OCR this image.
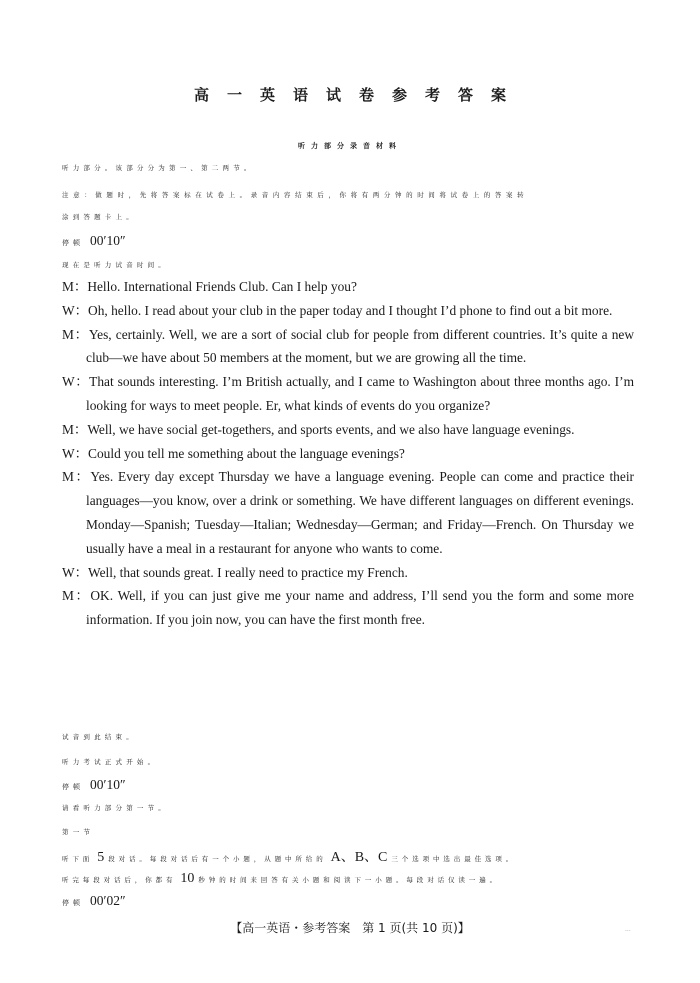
高一英语试卷参考答案
听力部分录音材料
听力部分。该部分分为第一、第二两节。
注意：做题时，先将答案标在试卷上。录音内容结束后，你将有两分钟的时间将试卷上的答案转
涂到答题卡上。
停顿 00′10″
现在是听力试音时间。

M：Hello. International Friends Club. Can I help you?

W：Oh, hello. I read about your club in the paper today and I thought I’d phone to find out a bit more.

M：Yes, certainly. Well, we are a sort of social club for people from different countries. It’s quite a new club—we have about 50 members at the moment, but we are growing all the time.

W：That sounds interesting. I’m British actually, and I came to Washington about three months ago. I’m looking for ways to meet people. Er, what kinds of events do you organize?

M：Well, we have social get-togethers, and sports events, and we also have language evenings.

W：Could you tell me something about the language evenings?

M：Yes. Every day except Thursday we have a language evening. People can come and practice their languages—you know, over a drink or something. We have different languages on different evenings. Monday—Spanish; Tuesday—Italian; Wednesday—German; and Friday—French. On Thursday we usually have a meal in a restaurant for anyone who wants to come.

W：Well, that sounds great. I really need to practice my French.

M：OK. Well, if you can just give me your name and address, I’ll send you the form and some more information. If you join now, you can have the first month free.

试音到此结束。
听力考试正式开始。
停顿 00′10″
请看听力部分第一节。
第一节
听下面 5 段对话。每段对话后有一个小题，从题中所给的 A、B、C 三个选项中选出最佳选项。
听完每段对话后，你都有 10 秒钟的时间来回答有关小题和阅读下一小题。每段对话仅读一遍。
停顿 00′02″
【高一英语・参考答案　第 1 页(共 10 页)】	...
